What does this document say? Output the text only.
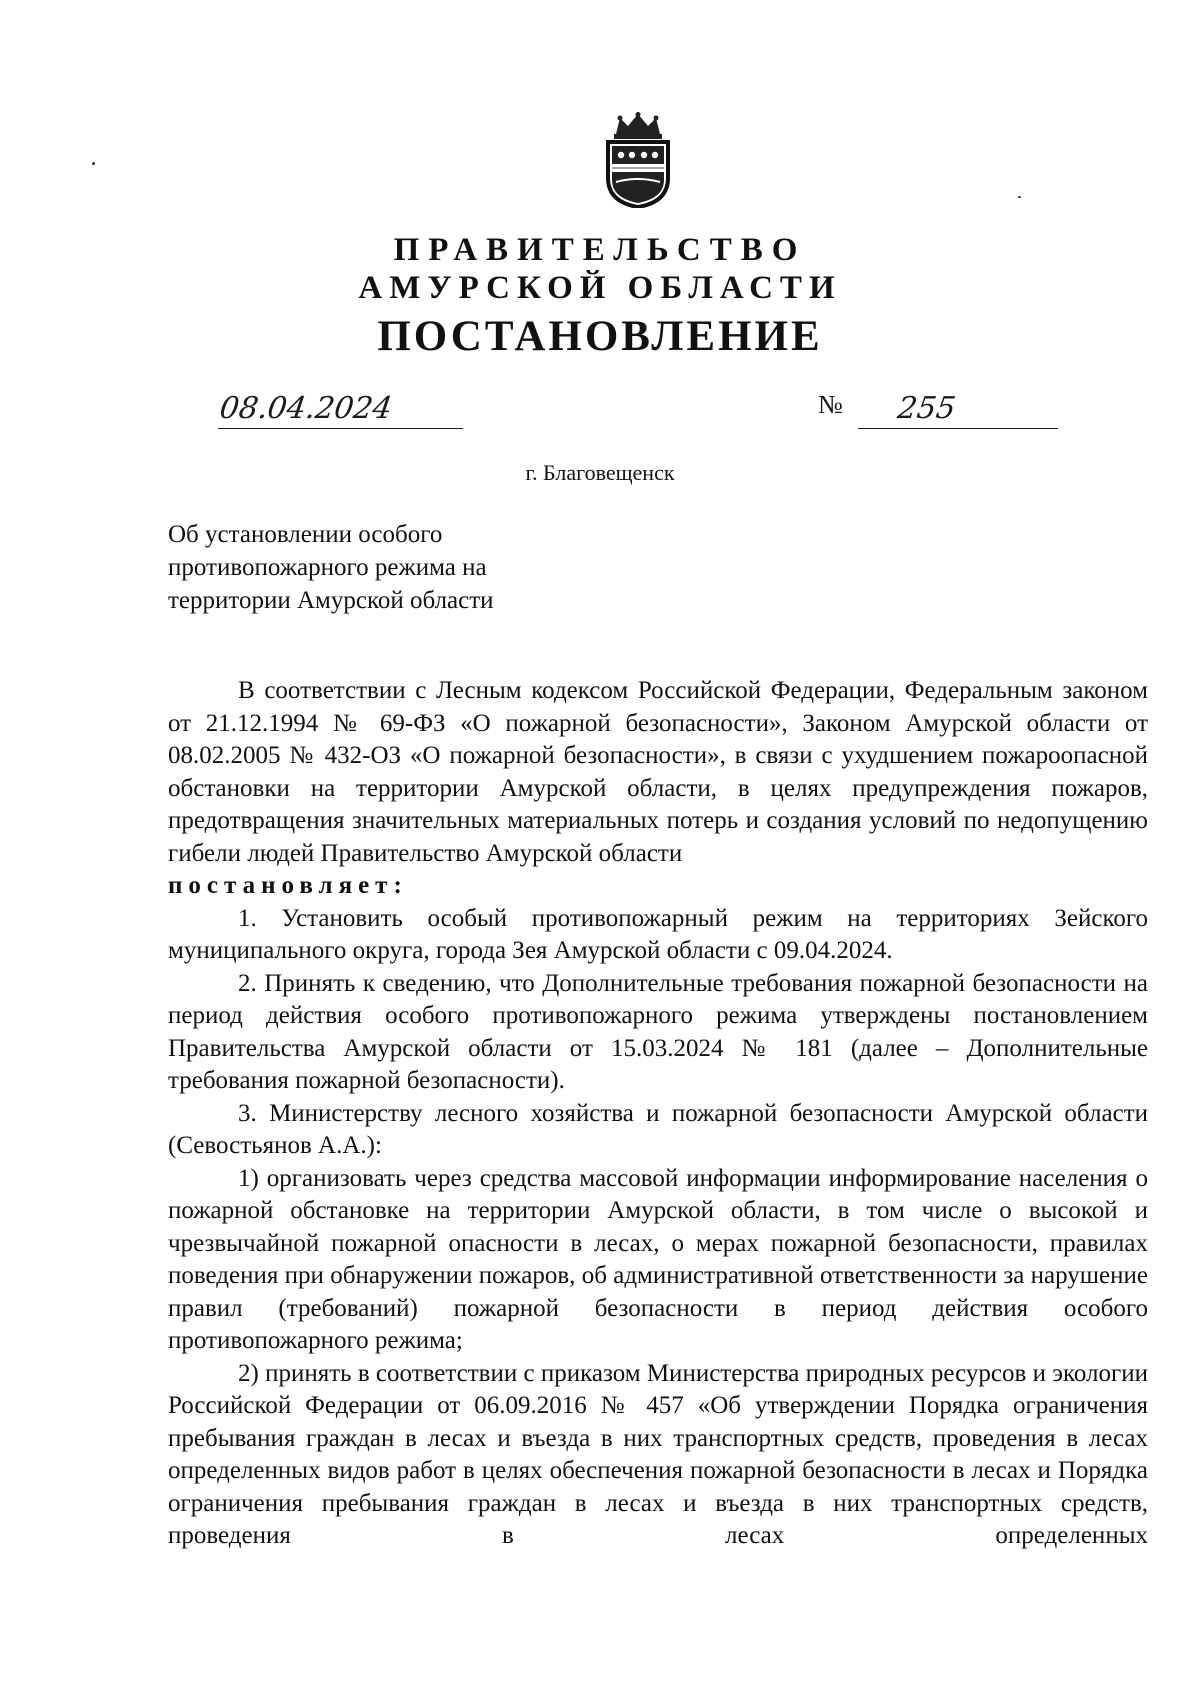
ПРАВИТЕЛЬСТВО
АМУРСКОЙ ОБЛАСТИ
ПОСТАНОВЛЕНИЕ
08.04.2024	№ 255
г. Благовещенск
Об установлении особого
противопожарного режима на
территории Амурской области

В соответствии с Лесным кодексом Российской Федерации, Федеральным законом от 21.12.1994 № 69-ФЗ «О пожарной безопасности», Законом Амурской области от 08.02.2005 № 432-ОЗ «О пожарной безопасности», в связи с ухудшением пожароопасной обстановки на территории Амурской области, в целях предупреждения пожаров, предотвращения значительных материальных потерь и создания условий по недопущению гибели людей Правительство Амурской области

постановляет:

1. Установить особый противопожарный режим на территориях Зейского муниципального округа, города Зея Амурской области с 09.04.2024.

2. Принять к сведению, что Дополнительные требования пожарной безопасности на период действия особого противопожарного режима утверждены постановлением Правительства Амурской области от 15.03.2024 № 181 (далее – Дополнительные требования пожарной безопасности).

3. Министерству лесного хозяйства и пожарной безопасности Амурской области (Севостьянов А.А.):

1) организовать через средства массовой информации информирование населения о пожарной обстановке на территории Амурской области, в том числе о высокой и чрезвычайной пожарной опасности в лесах, о мерах пожарной безопасности, правилах поведения при обнаружении пожаров, об административной ответственности за нарушение правил (требований) пожарной безопасности в период действия особого противопожарного режима;

2) принять в соответствии с приказом Министерства природных ресурсов и экологии Российской Федерации от 06.09.2016 № 457 «Об утверждении Порядка ограничения пребывания граждан в лесах и въезда в них транспортных средств, проведения в лесах определенных видов работ в целях обеспечения пожарной безопасности в лесах и Порядка ограничения пребывания граждан в лесах и въезда в них транспортных средств, проведения в лесах определенных
